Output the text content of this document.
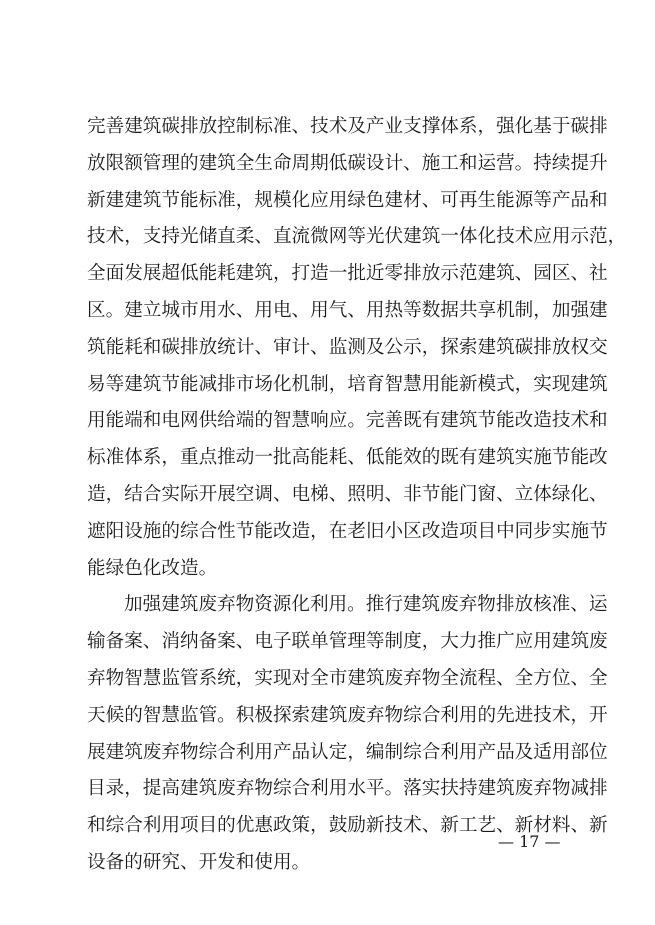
完善建筑碳排放控制标准、技术及产业支撑体系，强化基于碳排
放限额管理的建筑全生命周期低碳设计、施工和运营。持续提升
新建建筑节能标准，规模化应用绿色建材、可再生能源等产品和
技术，支持光储直柔、直流微网等光伏建筑一体化技术应用示范，
全面发展超低能耗建筑，打造一批近零排放示范建筑、园区、社
区。建立城市用水、用电、用气、用热等数据共享机制，加强建
筑能耗和碳排放统计、审计、监测及公示，探索建筑碳排放权交
易等建筑节能减排市场化机制，培育智慧用能新模式，实现建筑
用能端和电网供给端的智慧响应。完善既有建筑节能改造技术和
标准体系，重点推动一批高能耗、低能效的既有建筑实施节能改
造，结合实际开展空调、电梯、照明、非节能门窗、立体绿化、
遮阳设施的综合性节能改造，在老旧小区改造项目中同步实施节
能绿色化改造。
加强建筑废弃物资源化利用。推行建筑废弃物排放核准、运
输备案、消纳备案、电子联单管理等制度，大力推广应用建筑废
弃物智慧监管系统，实现对全市建筑废弃物全流程、全方位、全
天候的智慧监管。积极探索建筑废弃物综合利用的先进技术，开
展建筑废弃物综合利用产品认定，编制综合利用产品及适用部位
目录，提高建筑废弃物综合利用水平。落实扶持建筑废弃物减排
和综合利用项目的优惠政策，鼓励新技术、新工艺、新材料、新
设备的研究、开发和使用。
— 17 —
